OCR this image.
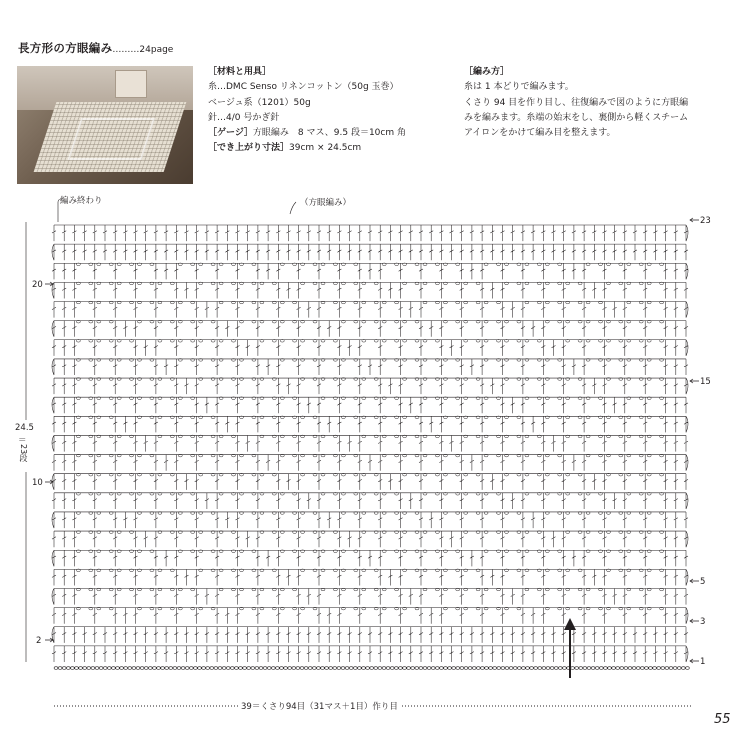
長方形の方眼編み………24page
［材料と用具］
糸…DMC Senso リネンコットン（50g 玉巻）
ベージュ系（1201）50g
針…4/0 号かぎ針
［ゲージ］方眼編み　8 マス、9.5 段＝10cm 角
［でき上がり寸法］39cm × 24.5cm
［編み方］
糸は 1 本どりで編みます。
くさり 94 目を作り目し、往復編みで図のように方眼編
みを編みます。糸端の始末をし、裏側から軽くスチーム
アイロンをかけて編み目を整えます。
編み終わり	（方眼編み）
20
10
2
23
15
5
3
1
24.5
＝
23段
39＝くさり94目（31マス＋1目）作り目
55
